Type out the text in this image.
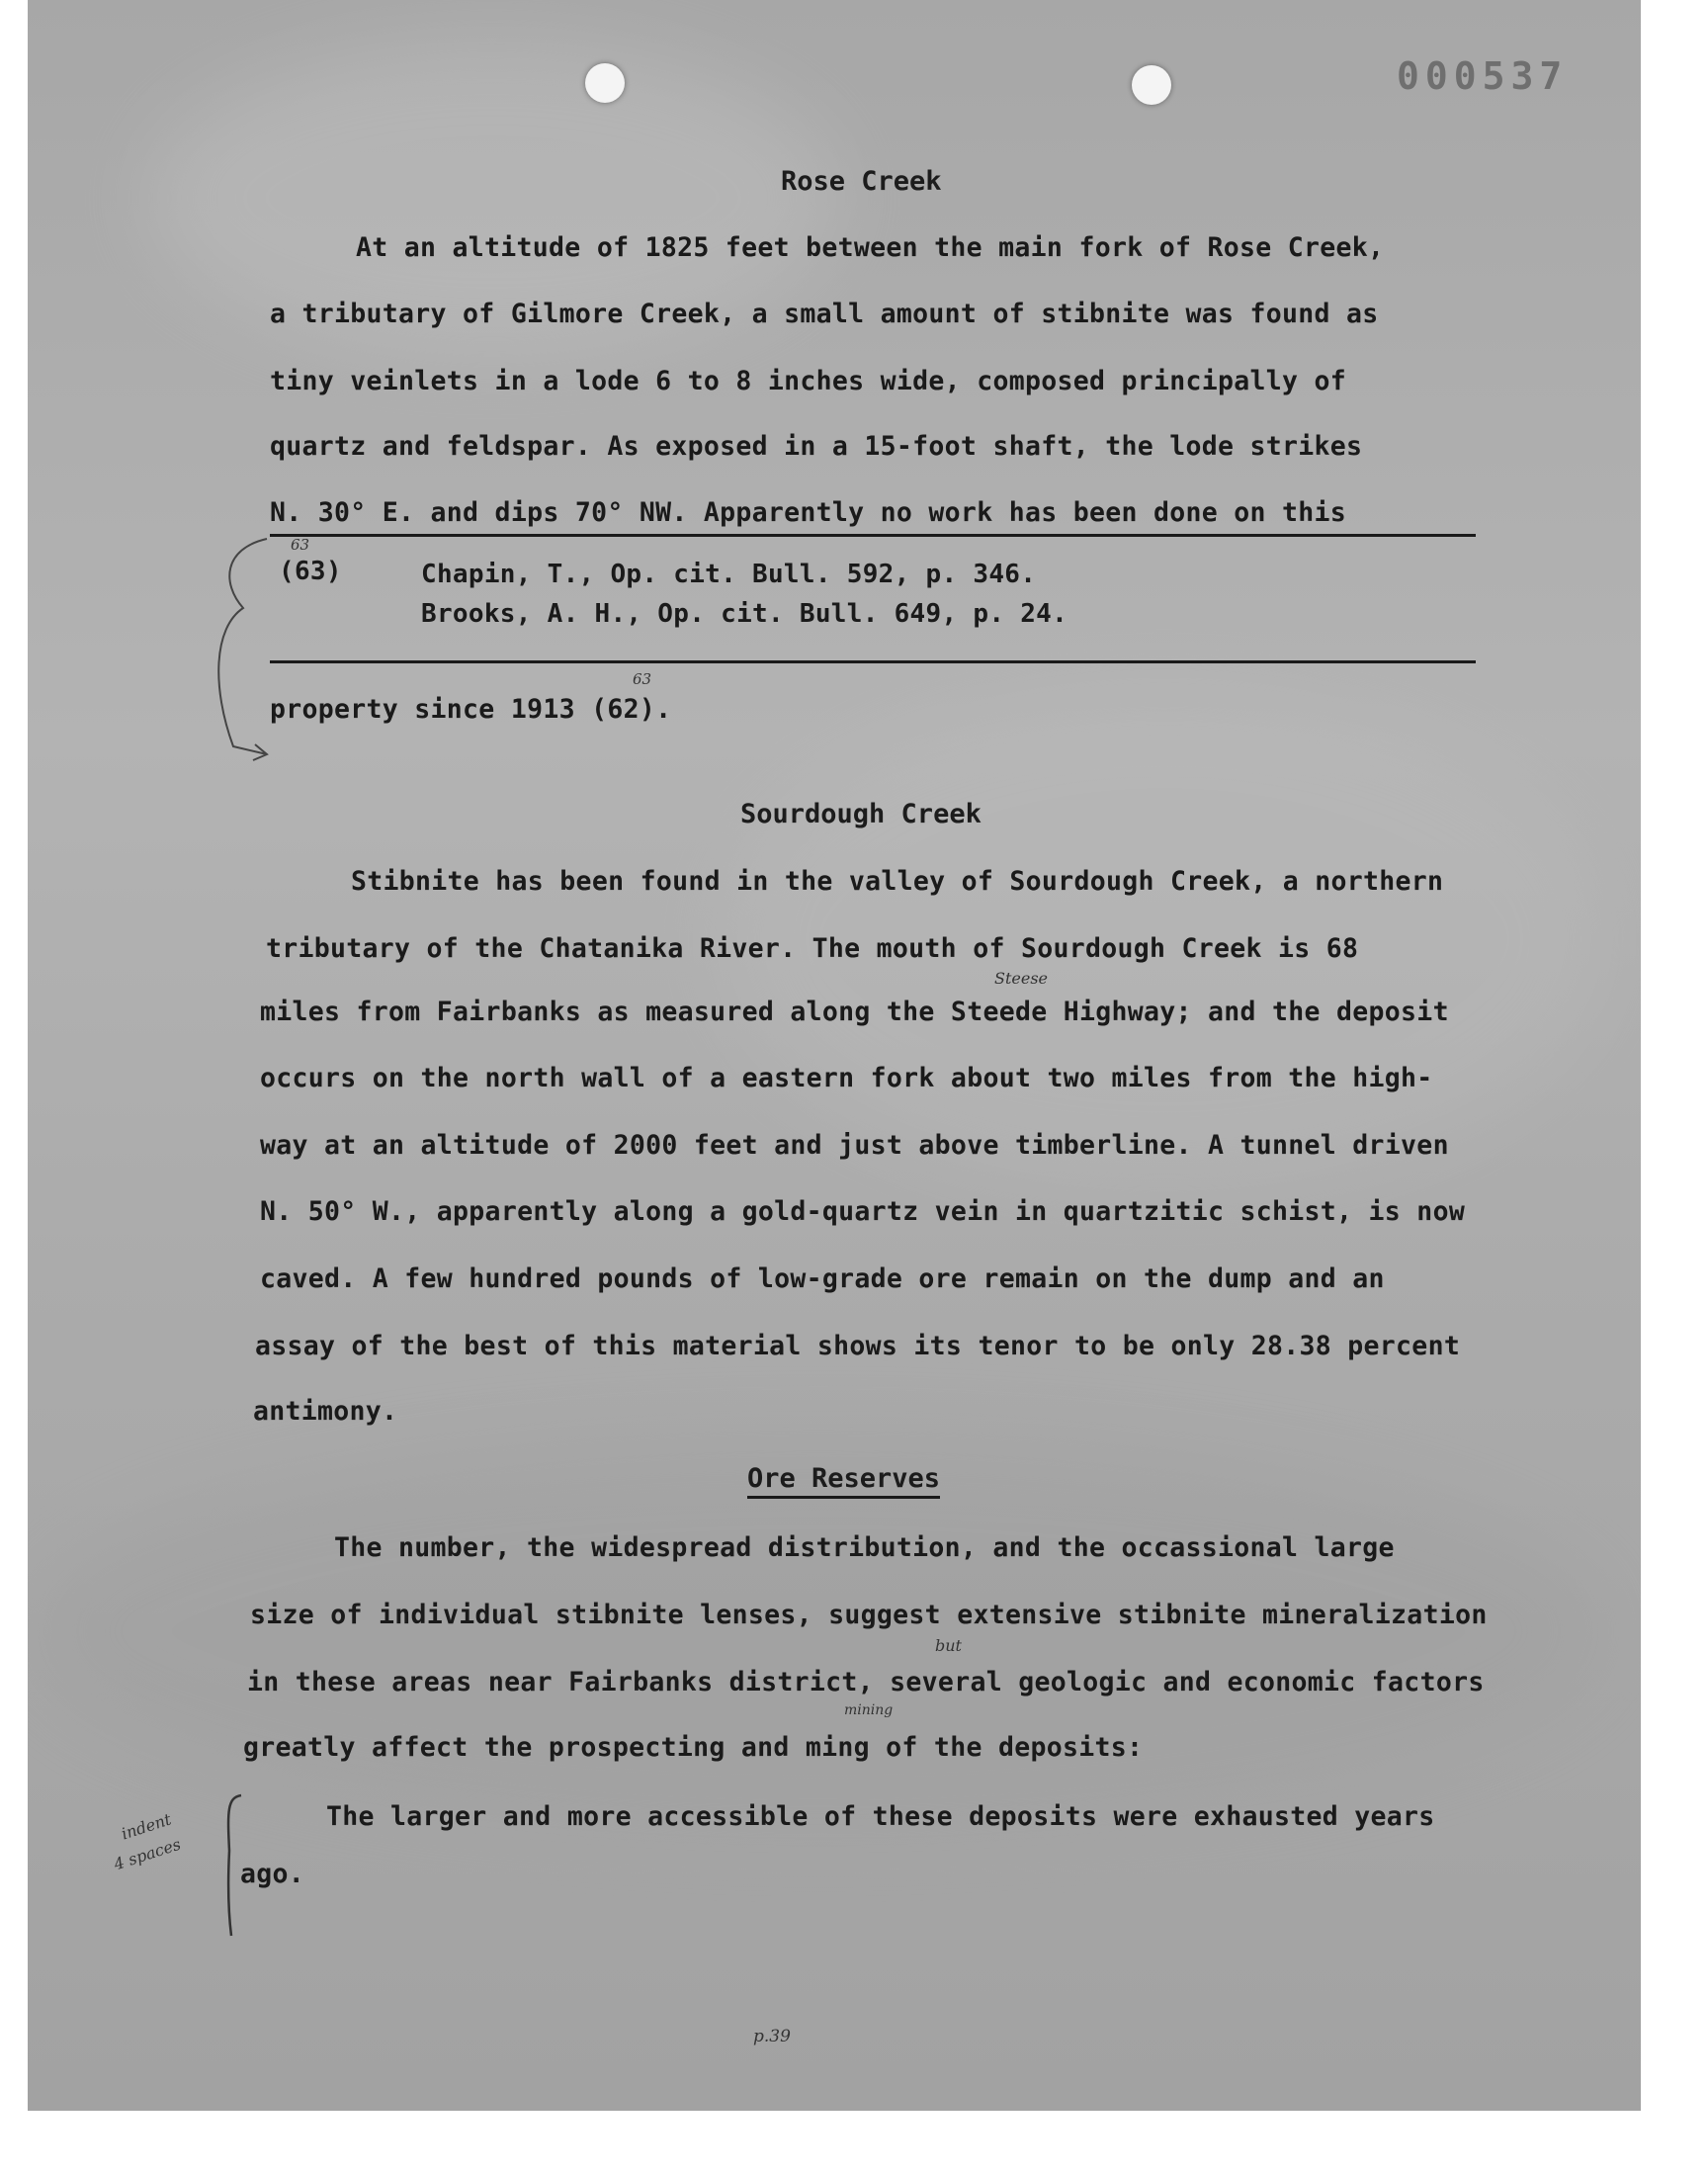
000537
Rose Creek
At an altitude of 1825 feet between the main fork of Rose Creek,
a tributary of Gilmore Creek, a small amount of stibnite was found as
tiny veinlets in a lode 6 to 8 inches wide, composed principally of
quartz and feldspar. As exposed in a 15-foot shaft, the lode strikes
N. 30° E. and dips 70° NW. Apparently no work has been done on this
63
(63)	Chapin, T., Op. cit. Bull. 592, p. 346.
Brooks, A. H., Op. cit. Bull. 649, p. 24.
63
property since 1913 (62).
Sourdough Creek
Stibnite has been found in the valley of Sourdough Creek, a northern
tributary of the Chatanika River. The mouth of Sourdough Creek is 68
Steese
miles from Fairbanks as measured along the Steede Highway; and the deposit
occurs on the north wall of a eastern fork about two miles from the high-
way at an altitude of 2000 feet and just above timberline. A tunnel driven
N. 50° W., apparently along a gold-quartz vein in quartzitic schist, is now
caved. A few hundred pounds of low-grade ore remain on the dump and an
assay of the best of this material shows its tenor to be only 28.38 percent
antimony.
Ore Reserves
The number, the widespread distribution, and the occassional large
size of individual stibnite lenses, suggest extensive stibnite mineralization
but
in these areas near Fairbanks district, several geologic and economic factors
mining
greatly affect the prospecting and ming of the deposits:
The larger and more accessible of these deposits were exhausted years
ago.
indent
4 spaces
p.39
